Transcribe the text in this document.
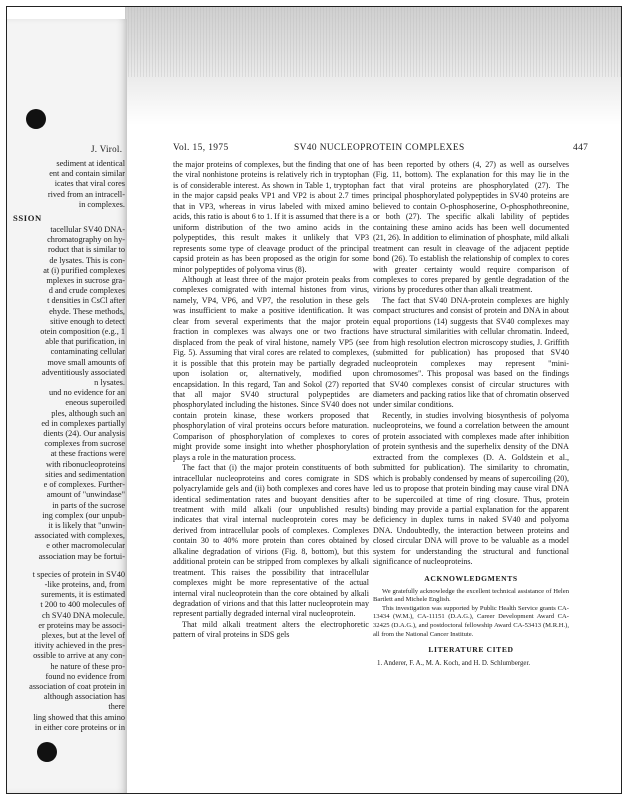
J. Virol.

sediment at identical

ent and contain similar

icates that viral cores

rived from an intracell-

in complexes.

SSION

tacellular SV40 DNA-

chromatography on hy-

roduct that is similar to

de lysates. This is con-

at (i) purified complexes

mplexes in sucrose gra-

d and crude complexes

t densities in CsCl after

ehyde. These methods,

sitive enough to detect

otein composition (e.g., 1

able that purification, in

contaminating cellular

move small amounts of

adventitiously associated

n lysates.

und no evidence for an

eneous superoiled

ples, although such an

ed in complexes partially

dients (24). Our analysis

complexes from sucrose

at these fractions were

with ribonucleoproteins

sities and sedimentation

e of complexes. Further-

amount of "unwindase"

in parts of the sucrose

ing complex (our unpub-

it is likely that "unwin-

associated with complexes,

e other macromolecular

association may be fortui-

t species of protein in SV40

-like proteins, and, from

surements, it is estimated

t 200 to 400 molecules of

ch SV40 DNA molecule.

er proteins may be associ-

plexes, but at the level of

itivity achieved in the pres-

ossible to arrive at any con-

he nature of these pro-

found no evidence from

association of coat protein in

although association has

there

ling showed that this amino

in either core proteins or in

Vol. 15, 1975	SV40 NUCLEOPROTEIN COMPLEXES	447

the major proteins of complexes, but the finding that one of the viral nonhistone proteins is relatively rich in tryptophan is of considerable interest. As shown in Table 1, tryptophan in the major capsid peaks VP1 and VP2 is about 2.7 times that in VP3, whereas in virus labeled with mixed amino acids, this ratio is about 6 to 1. If it is assumed that there is a uniform distribution of the two amino acids in the polypeptides, this result makes it unlikely that VP3 represents some type of cleavage product of the principal capsid protein as has been proposed as the origin for some minor polypeptides of polyoma virus (8).

Although at least three of the major protein peaks from complexes comigrated with internal histones from virus, namely, VP4, VP6, and VP7, the resolution in these gels was insufficient to make a positive identification. It was clear from several experiments that the major protein fraction in complexes was always one or two fractions displaced from the peak of viral histone, namely VP5 (see Fig. 5). Assuming that viral cores are related to complexes, it is possible that this protein may be partially degraded upon isolation or, alternatively, modified upon encapsidation. In this regard, Tan and Sokol (27) reported that all major SV40 structural polypeptides are phosphorylated including the histones. Since SV40 does not contain protein kinase, these workers proposed that phosphorylation of viral proteins occurs before maturation. Comparison of phosphorylation of complexes to cores might provide some insight into whether phosphorylation plays a role in the maturation process.

The fact that (i) the major protein constituents of both intracellular nucleoproteins and cores comigrate in SDS polyacrylamide gels and (ii) both complexes and cores have identical sedimentation rates and buoyant densities after treatment with mild alkali (our unpublished results) indicates that viral internal nucleoprotein cores may be derived from intracellular pools of complexes. Complexes contain 30 to 40% more protein than cores obtained by alkaline degradation of virions (Fig. 8, bottom), but this additional protein can be stripped from complexes by alkali treatment. This raises the possibility that intracellular complexes might be more representative of the actual internal viral nucleoprotein than the core obtained by alkali degradation of virions and that this latter nucleoprotein may represent partially degraded internal viral nucleoprotein.

That mild alkali treatment alters the electrophoretic pattern of viral proteins in SDS gels

has been reported by others (4, 27) as well as ourselves (Fig. 11, bottom). The explanation for this may lie in the fact that viral proteins are phosphorylated (27). The principal phosphorylated polypeptides in SV40 proteins are believed to contain O-phosphoserine, O-phosphothreonine, or both (27). The specific alkali lability of peptides containing these amino acids has been well documented (21, 26). In addition to elimination of phosphate, mild alkali treatment can result in cleavage of the adjacent peptide bond (26). To establish the relationship of complex to cores with greater certainty would require comparison of complexes to cores prepared by gentle degradation of the virions by procedures other than alkali treatment.

The fact that SV40 DNA-protein complexes are highly compact structures and consist of protein and DNA in about equal proportions (14) suggests that SV40 complexes may have structural similarities with cellular chromatin. Indeed, from high resolution electron microscopy studies, J. Griffith (submitted for publication) has proposed that SV40 nucleoprotein complexes may represent "mini-chromosomes". This proposal was based on the findings that SV40 complexes consist of circular structures with diameters and packing ratios like that of chromatin observed under similar conditions.

Recently, in studies involving biosynthesis of polyoma nucleoproteins, we found a correlation between the amount of protein associated with complexes made after inhibition of protein synthesis and the superhelix density of the DNA extracted from the complexes (D. A. Goldstein et al., submitted for publication). The similarity to chromatin, which is probably condensed by means of supercoiling (20), led us to propose that protein binding may cause viral DNA to be supercoiled at time of ring closure. Thus, protein binding may provide a partial explanation for the apparent deficiency in duplex turns in naked SV40 and polyoma DNA. Undoubtedly, the interaction between proteins and closed circular DNA will prove to be valuable as a model system for understanding the structural and functional significance of nucleoproteins.

ACKNOWLEDGMENTS

We gratefully acknowledge the excellent technical assistance of Helen Bartlett and Michele English.

This investigation was supported by Public Health Service grants CA-13434 (W.M.), CA-11151 (D.A.G.), Career Development Award CA-32425 (D.A.G.), and postdoctoral fellowship Award CA-53413 (M.R.H.), all from the National Cancer Institute.

LITERATURE CITED

1. Anderer, F. A., M. A. Koch, and H. D. Schlumberger.
